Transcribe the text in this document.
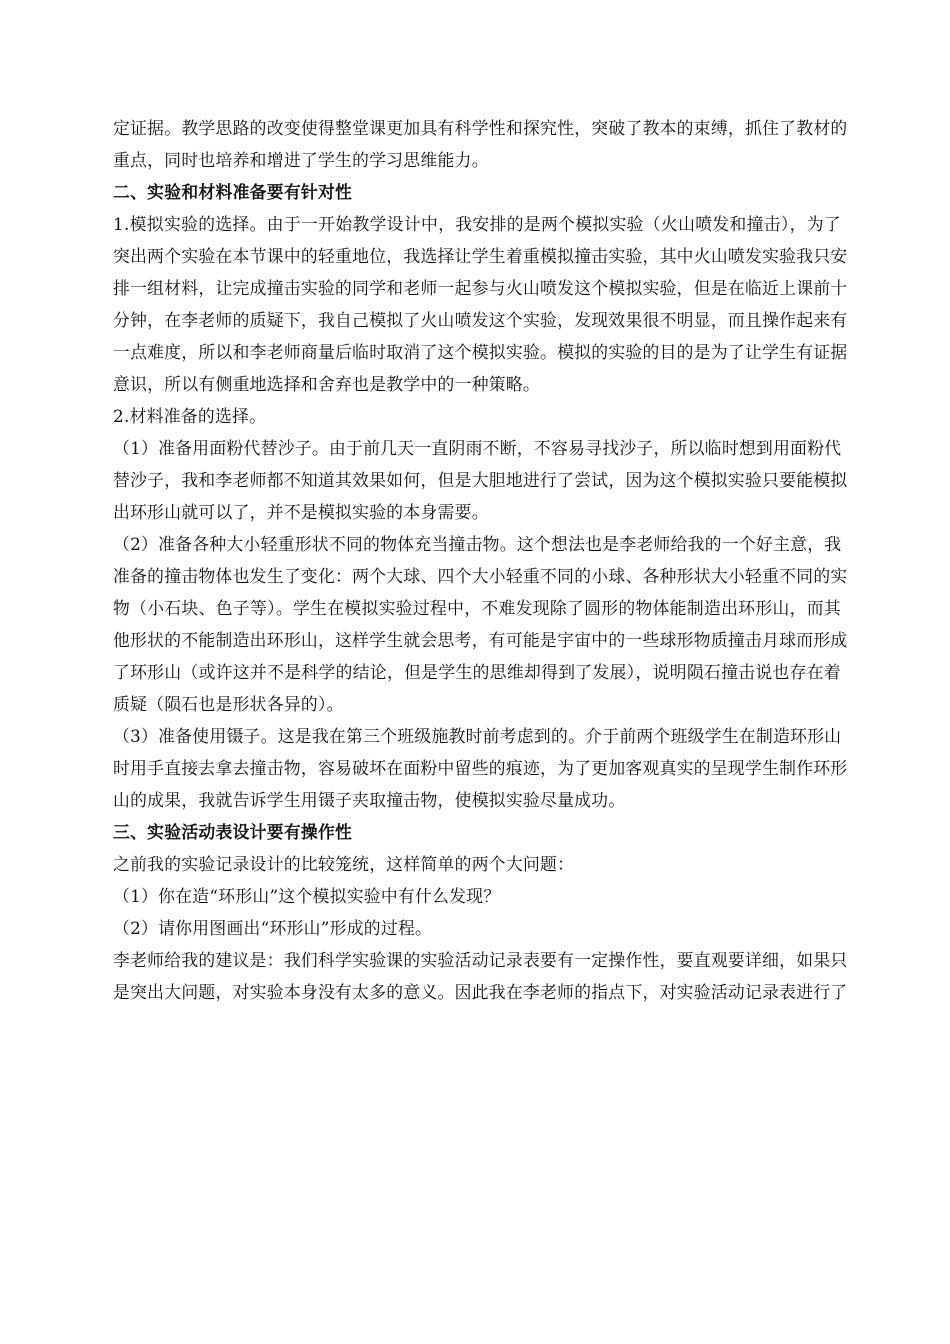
定证据。教学思路的改变使得整堂课更加具有科学性和探究性，突破了教本的束缚，抓住了教材的
重点，同时也培养和增进了学生的学习思维能力。
二、实验和材料准备要有针对性
1.模拟实验的选择。由于一开始教学设计中，我安排的是两个模拟实验（火山喷发和撞击），为了
突出两个实验在本节课中的轻重地位，我选择让学生着重模拟撞击实验，其中火山喷发实验我只安
排一组材料，让完成撞击实验的同学和老师一起参与火山喷发这个模拟实验，但是在临近上课前十
分钟，在李老师的质疑下，我自己模拟了火山喷发这个实验，发现效果很不明显，而且操作起来有
一点难度，所以和李老师商量后临时取消了这个模拟实验。模拟的实验的目的是为了让学生有证据
意识，所以有侧重地选择和舍弃也是教学中的一种策略。
2.材料准备的选择。
（1）准备用面粉代替沙子。由于前几天一直阴雨不断，不容易寻找沙子，所以临时想到用面粉代
替沙子，我和李老师都不知道其效果如何，但是大胆地进行了尝试，因为这个模拟实验只要能模拟
出环形山就可以了，并不是模拟实验的本身需要。
（2）准备各种大小轻重形状不同的物体充当撞击物。这个想法也是李老师给我的一个好主意，我
准备的撞击物体也发生了变化：两个大球、四个大小轻重不同的小球、各种形状大小轻重不同的实
物（小石块、色子等）。学生在模拟实验过程中，不难发现除了圆形的物体能制造出环形山，而其
他形状的不能制造出环形山，这样学生就会思考，有可能是宇宙中的一些球形物质撞击月球而形成
了环形山（或许这并不是科学的结论，但是学生的思维却得到了发展），说明陨石撞击说也存在着
质疑（陨石也是形状各异的）。
（3）准备使用镊子。这是我在第三个班级施教时前考虑到的。介于前两个班级学生在制造环形山
时用手直接去拿去撞击物，容易破坏在面粉中留些的痕迹，为了更加客观真实的呈现学生制作环形
山的成果，我就告诉学生用镊子夹取撞击物，使模拟实验尽量成功。
三、实验活动表设计要有操作性
之前我的实验记录设计的比较笼统，这样简单的两个大问题：
（1）你在造“环形山”这个模拟实验中有什么发现？
（2）请你用图画出“环形山”形成的过程。
李老师给我的建议是：我们科学实验课的实验活动记录表要有一定操作性，要直观要详细，如果只
是突出大问题，对实验本身没有太多的意义。因此我在李老师的指点下，对实验活动记录表进行了
